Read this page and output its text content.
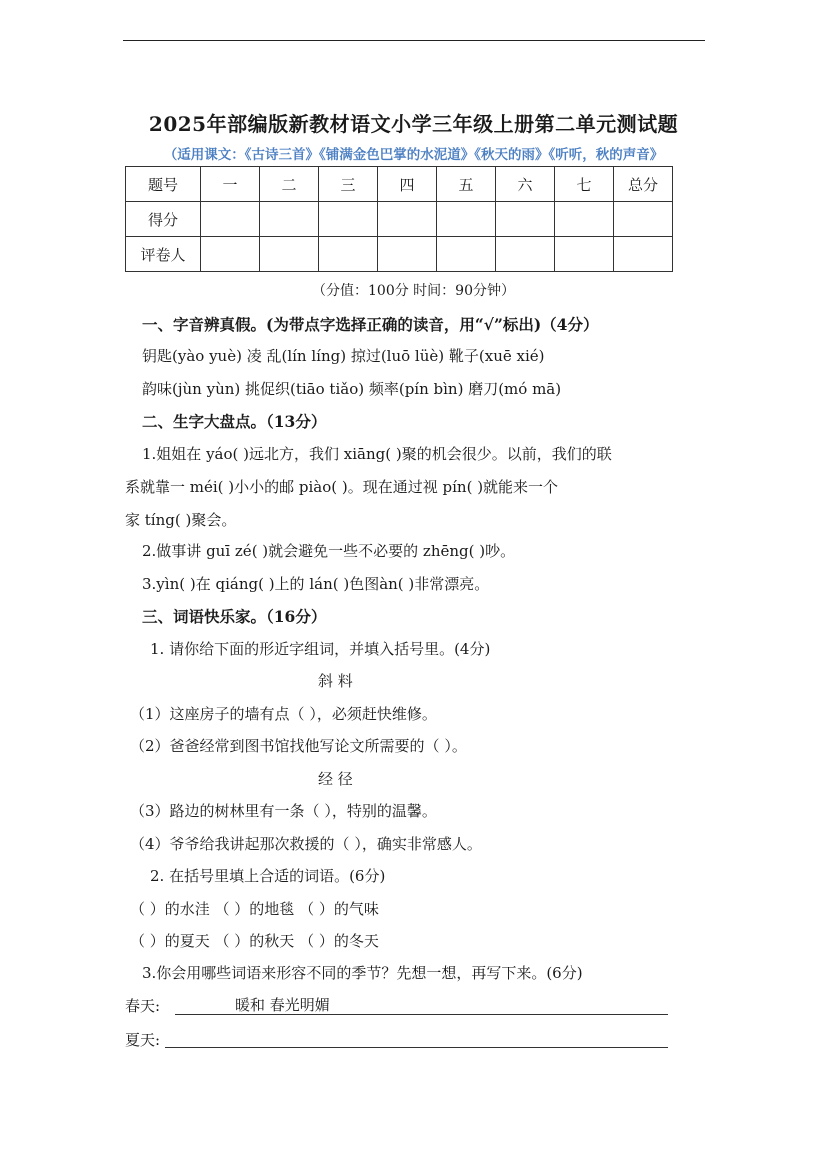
2025年部编版新教材语文小学三年级上册第二单元测试题
（适用课文：《古诗三首》《铺满金色巴掌的水泥道》《秋天的雨》《听听，秋的声音》
题号	一	二	三	四	五	六	七	总分
得分								
评卷人								
（分值：100分 时间：90分钟）
一、字音辨真假。(为带点字选择正确的读音，用“√”标出)（4分）
钥匙(yào yuè) 凌 乱(lín líng) 掠过(luō lüè) 靴子(xuē xié)
韵味(jùn yùn) 挑促织(tiāo tiǎo) 频率(pín bìn) 磨刀(mó mā)
二、生字大盘点。（13分）
1.姐姐在 yáo( )远北方，我们 xiāng( )聚的机会很少。以前，我们的联
系就靠一 méi( )小小的邮 piào( )。现在通过视 pín( )就能来一个
家 tíng( )聚会。
2.做事讲 guī zé( )就会避免一些不必要的 zhēng( )吵。
3.yìn( )在 qiáng( )上的 lán( )色图àn( )非常漂亮。
三、词语快乐家。（16分）
1. 请你给下面的形近字组词，并填入括号里。(4分)
斜 料
（1）这座房子的墙有点（ ），必须赶快维修。
（2）爸爸经常到图书馆找他写论文所需要的（ ）。
经 径
（3）路边的树林里有一条（ ），特别的温馨。
（4）爷爷给我讲起那次救援的（ ），确实非常感人。
2. 在括号里填上合适的词语。(6分)
（ ）的水洼 （ ）的地毯 （ ）的气味
（ ）的夏天 （ ）的秋天 （ ）的冬天
3.你会用哪些词语来形容不同的季节？先想一想，再写下来。(6分)
春天:	暖和 春光明媚
夏天:
